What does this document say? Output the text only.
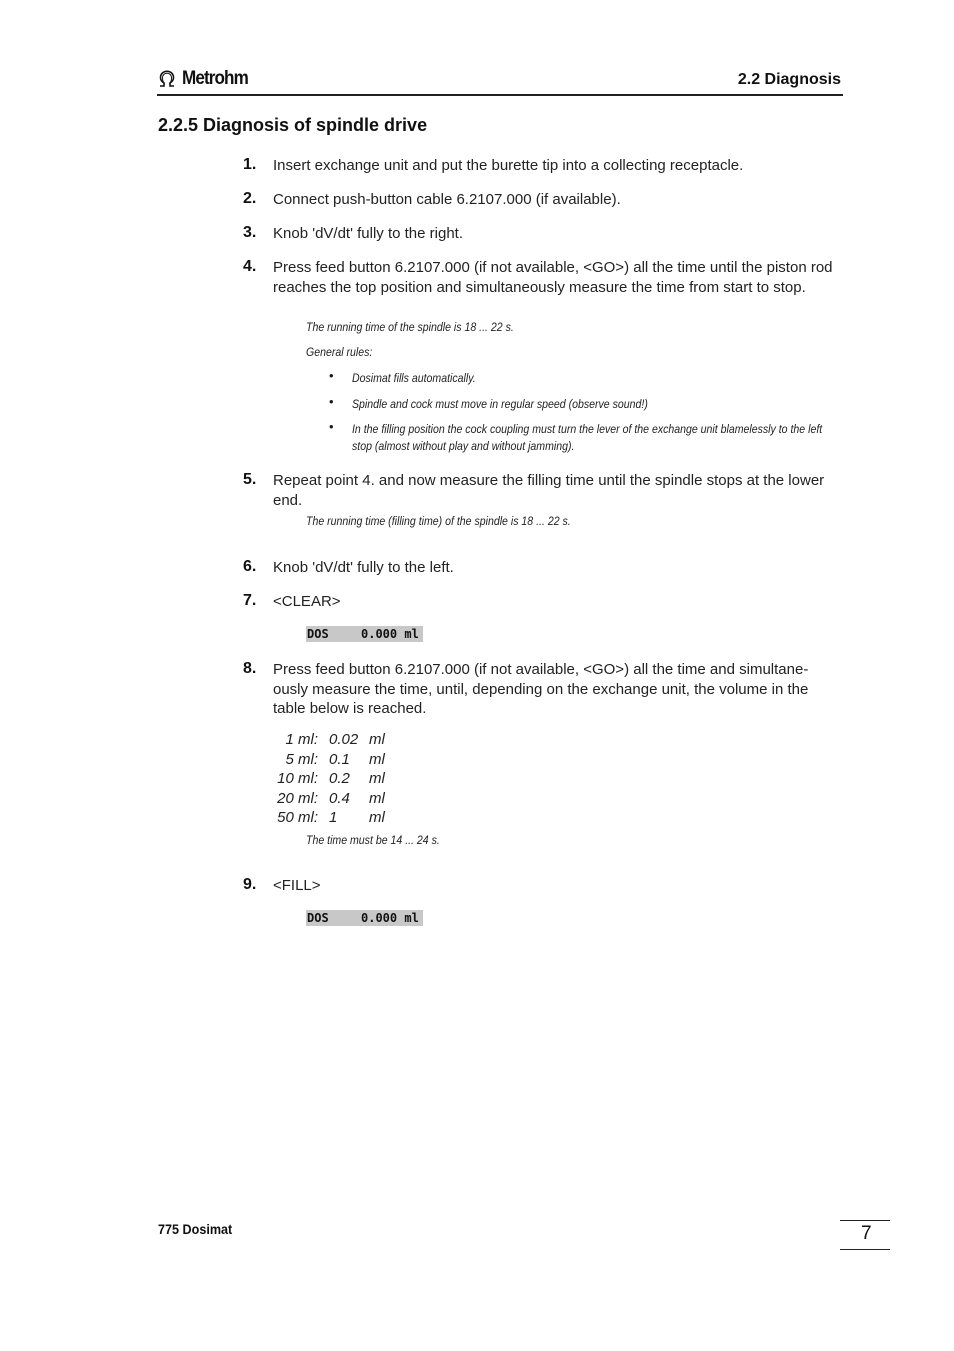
Metrohm	2.2 Diagnosis
2.2.5 Diagnosis of spindle drive
1. Insert exchange unit and put the burette tip into a collecting receptacle.
2. Connect push-button cable 6.2107.000 (if available).
3. Knob 'dV/dt' fully to the right.
4. Press feed button 6.2107.000 (if not available, <GO>) all the time until the piston rod reaches the top position and simultaneously measure the time from start to stop.
The running time of the spindle is 18 ... 22 s.
General rules:
• Dosimat fills automatically.
• Spindle and cock must move in regular speed (observe sound!)
• In the filling position the cock coupling must turn the lever of the exchange unit blamelessly to the left stop (almost without play and without jamming).
5. Repeat point 4. and now measure the filling time until the spindle stops at the lower end.
The running time (filling time) of the spindle is 18 ... 22 s.
6. Knob 'dV/dt' fully to the left.
7. <CLEAR>
DOS	0.000 ml
8. Press feed button 6.2107.000 (if not available, <GO>) all the time and simultane-ously measure the time, until, depending on the exchange unit, the volume in the table below is reached.
1 ml: 0.02 ml
5 ml: 0.1 ml
10 ml: 0.2 ml
20 ml: 0.4 ml
50 ml: 1 ml
The time must be 14 ... 24 s.
9. <FILL>
DOS	0.000 ml
775 Dosimat	7
